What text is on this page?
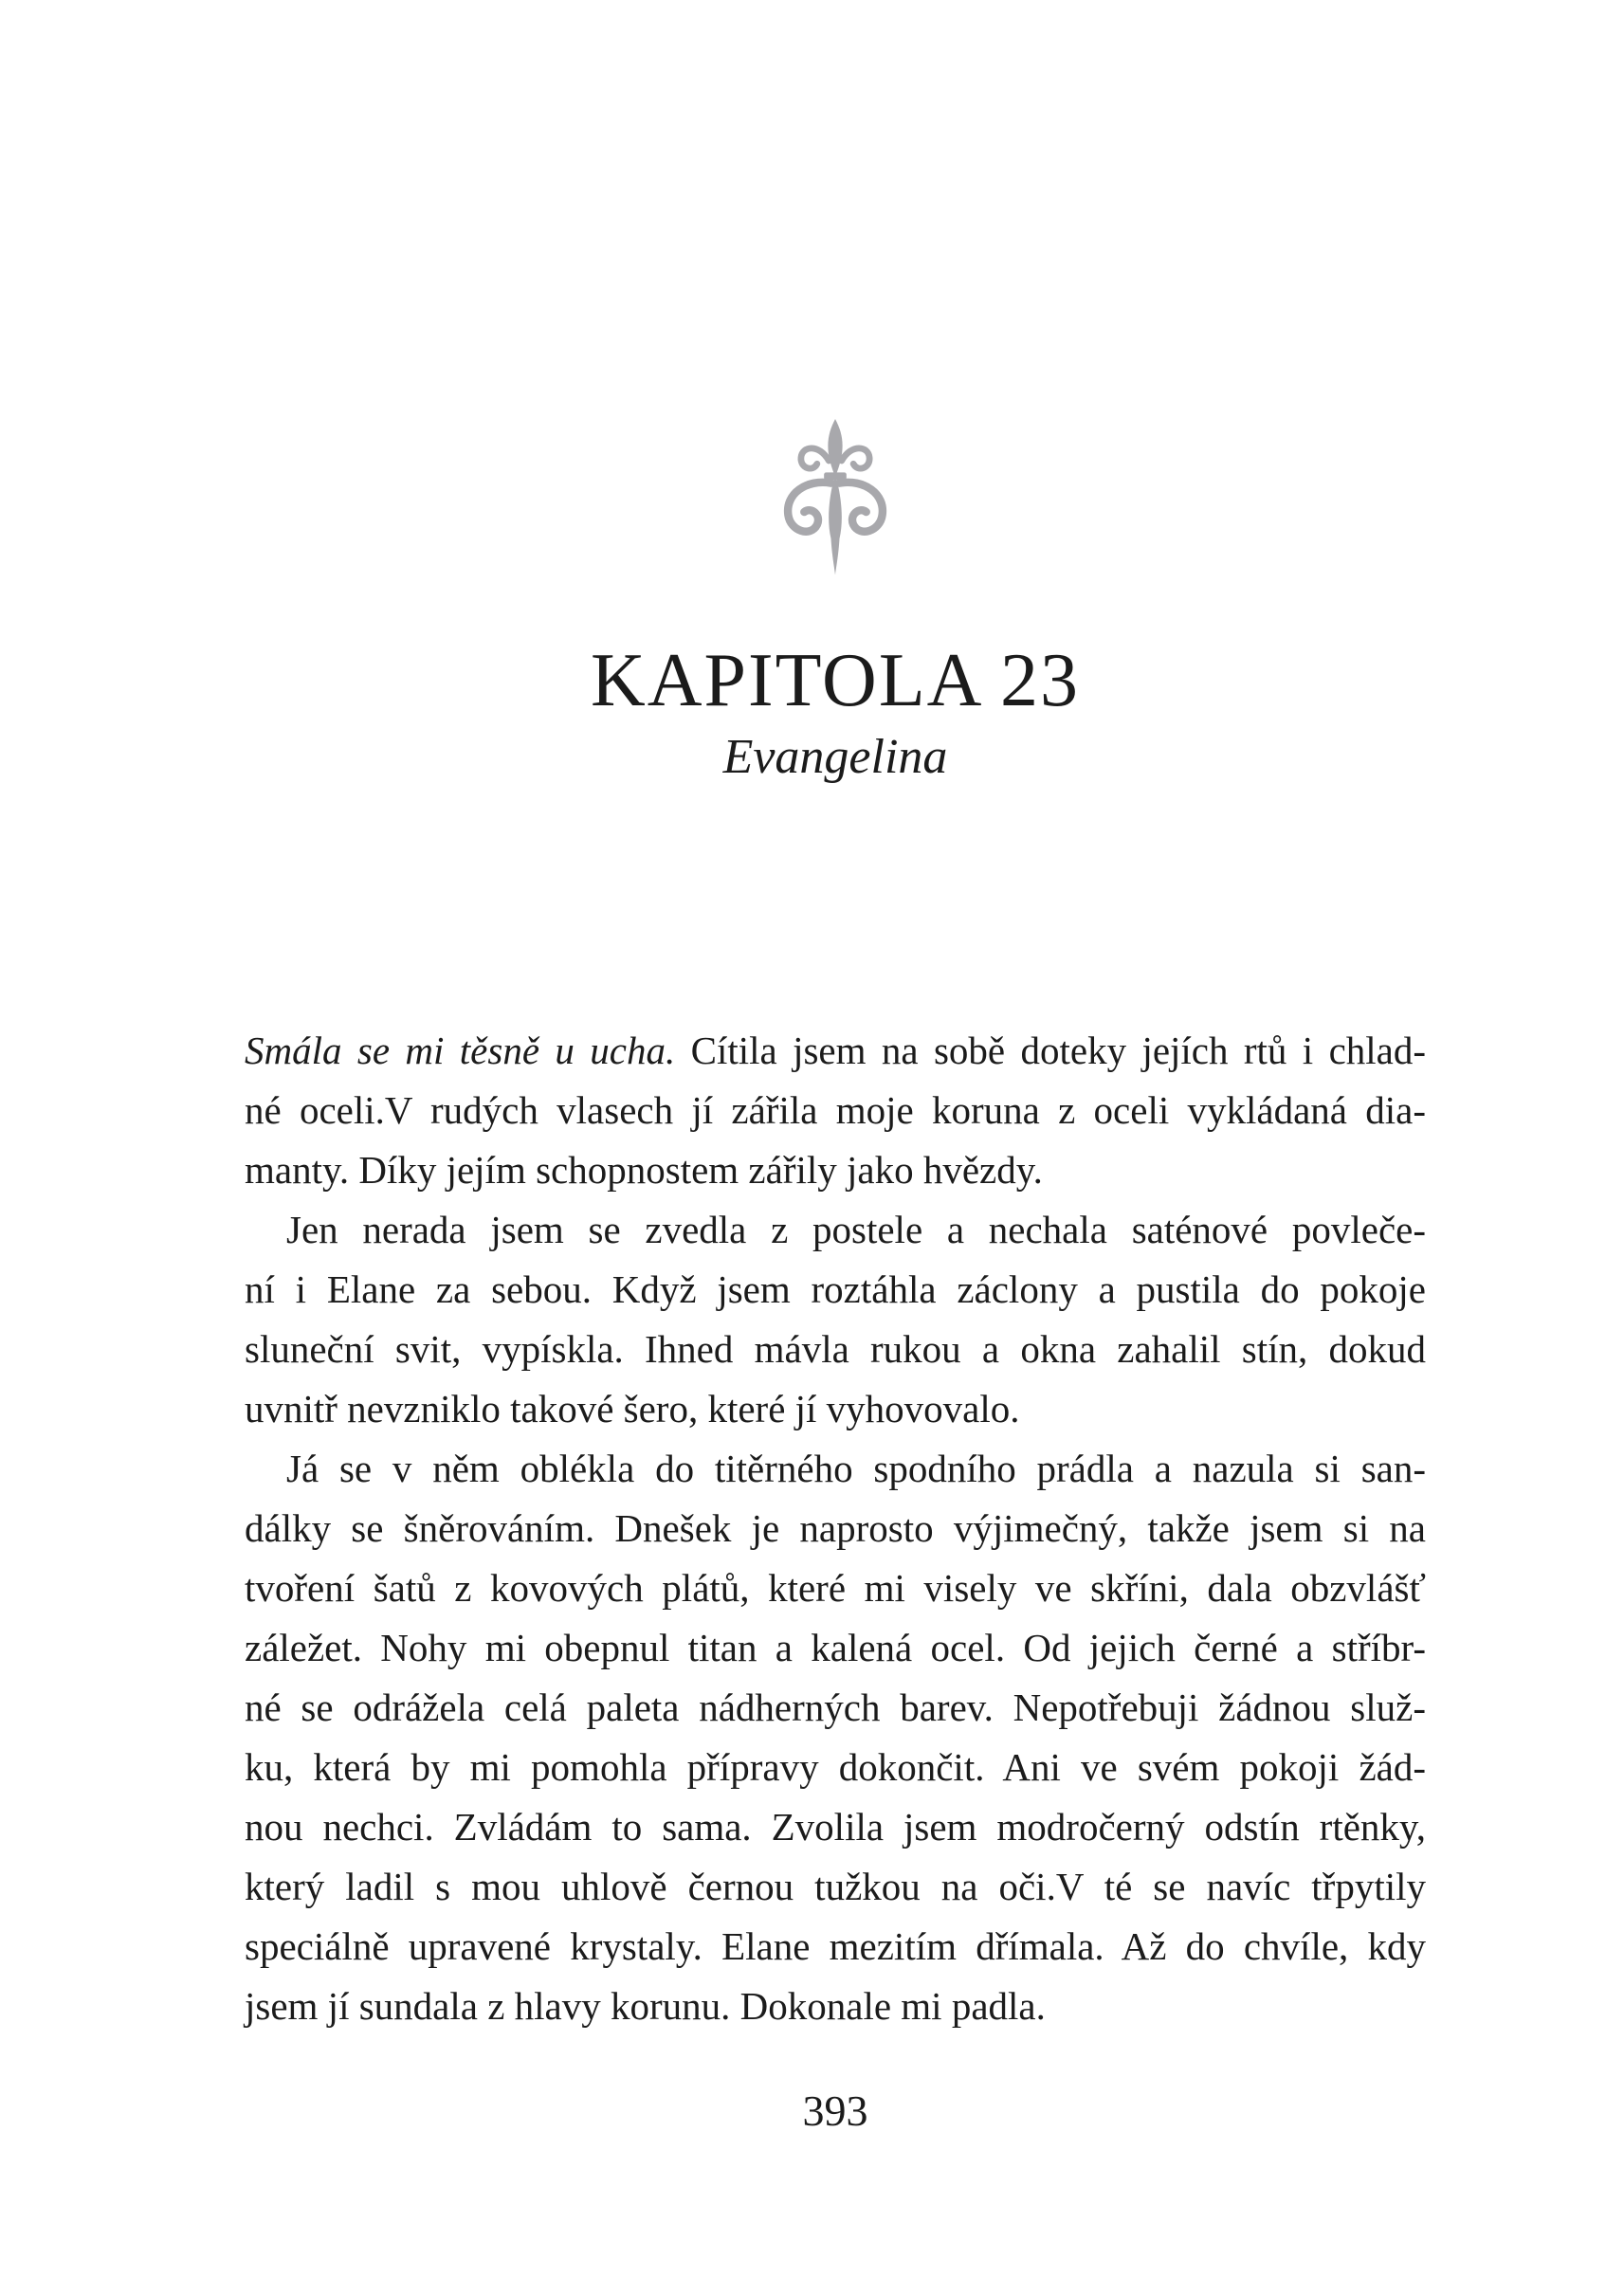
KAPITOLA 23
Evangelina

Smála se mi těsně u ucha. Cítila jsem na sobě doteky jejích rtů i chlad-
né oceli.V rudých vlasech jí zářila moje koruna z oceli vykládaná dia-
manty. Díky jejím schopnostem zářily jako hvězdy.

Jen nerada jsem se zvedla z postele a nechala saténové povleče-
ní i Elane za sebou. Když jsem roztáhla záclony a pustila do pokoje
sluneční svit, vypískla. Ihned mávla rukou a okna zahalil stín, dokud
uvnitř nevzniklo takové šero, které jí vyhovovalo.

Já se v něm oblékla do titěrného spodního prádla a nazula si san-
dálky se šněrováním. Dnešek je naprosto výjimečný, takže jsem si na
tvoření šatů z kovových plátů, které mi visely ve skříni, dala obzvlášť
záležet. Nohy mi obepnul titan a kalená ocel. Od jejich černé a stříbr-
né se odrážela celá paleta nádherných barev. Nepotřebuji žádnou služ-
ku, která by mi pomohla přípravy dokončit. Ani ve svém pokoji žád-
nou nechci. Zvládám to sama. Zvolila jsem modročerný odstín rtěnky,
který ladil s mou uhlově černou tužkou na oči.V té se navíc třpytily
speciálně upravené krystaly. Elane mezitím dřímala. Až do chvíle, kdy
jsem jí sundala z hlavy korunu. Dokonale mi padla.

393
